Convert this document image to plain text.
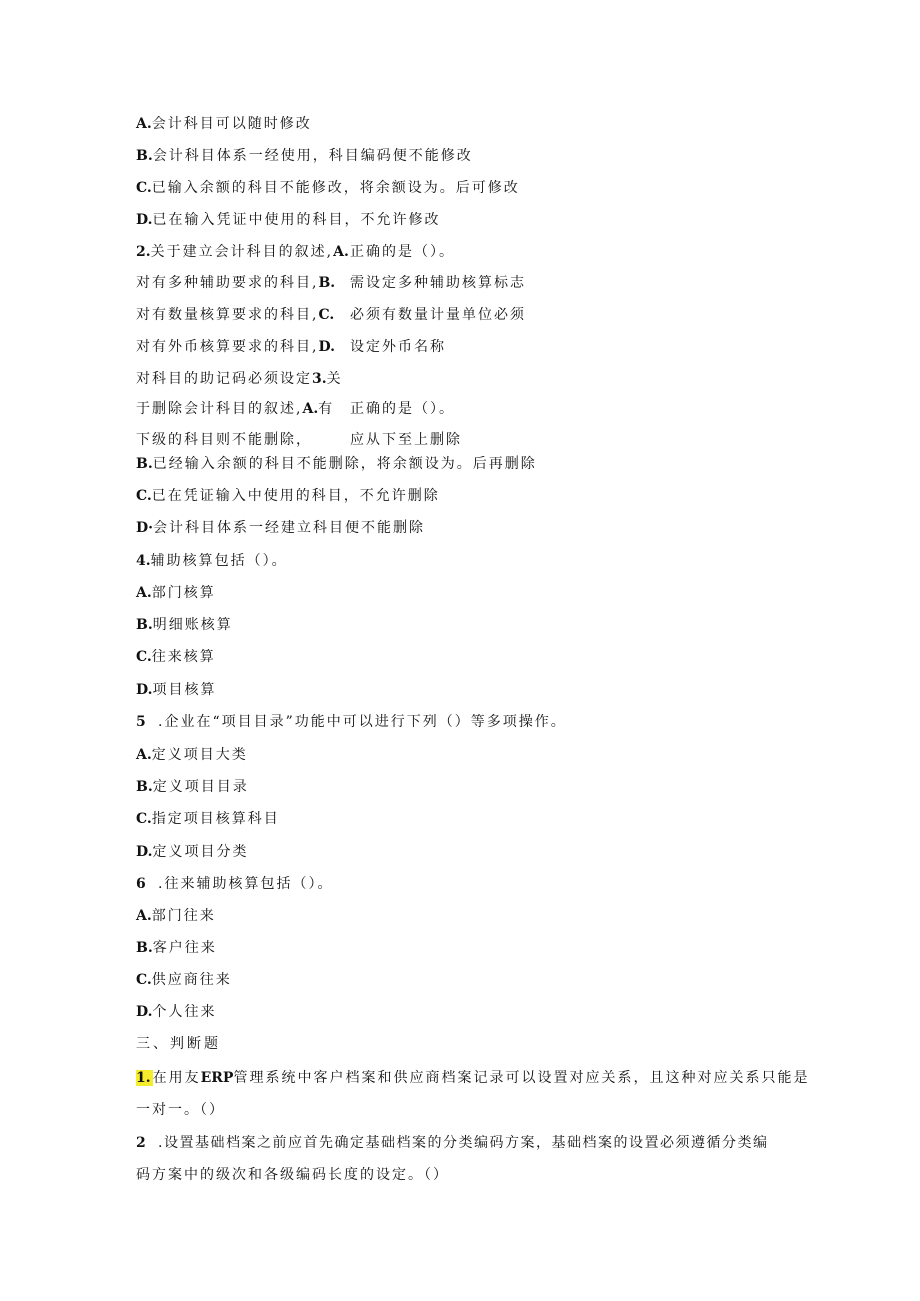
A.会计科目可以随时修改
B.会计科目体系一经使用，科目编码便不能修改
C.已输入余额的科目不能修改，将余额设为。后可修改
D.已在输入凭证中使用的科目，不允许修改
2.关于建立会计科目的叙述,A. 正确的是（）。
对有多种辅助要求的科目,B. 需设定多种辅助核算标志
对有数量核算要求的科目,C. 必须有数量计量单位必须
对有外币核算要求的科目,D. 设定外币名称
对科目的助记码必须设定3.关
于删除会计科目的叙述,A.有 正确的是（）。
下级的科目则不能删除，	应从下至上删除
B.已经输入余额的科目不能删除，将余额设为。后再删除
C.已在凭证输入中使用的科目，不允许删除
D·会计科目体系一经建立科目便不能删除
4.辅助核算包括（）。
A.部门核算
B.明细账核算
C.往来核算
D.项目核算
5 .企业在“项目目录”功能中可以进行下列（）等多项操作。
A.定义项目大类
B.定义项目目录
C.指定项目核算科目
D.定义项目分类
6 .往来辅助核算包括（）。
A.部门往来
B.客户往来
C.供应商往来
D.个人往来
三、判断题
1. 在用友ERP管理系统中客户档案和供应商档案记录可以设置对应关系，且这种对应关系只能是
一对一。（）
2 .设置基础档案之前应首先确定基础档案的分类编码方案，基础档案的设置必须遵循分类编
码方案中的级次和各级编码长度的设定。（）
